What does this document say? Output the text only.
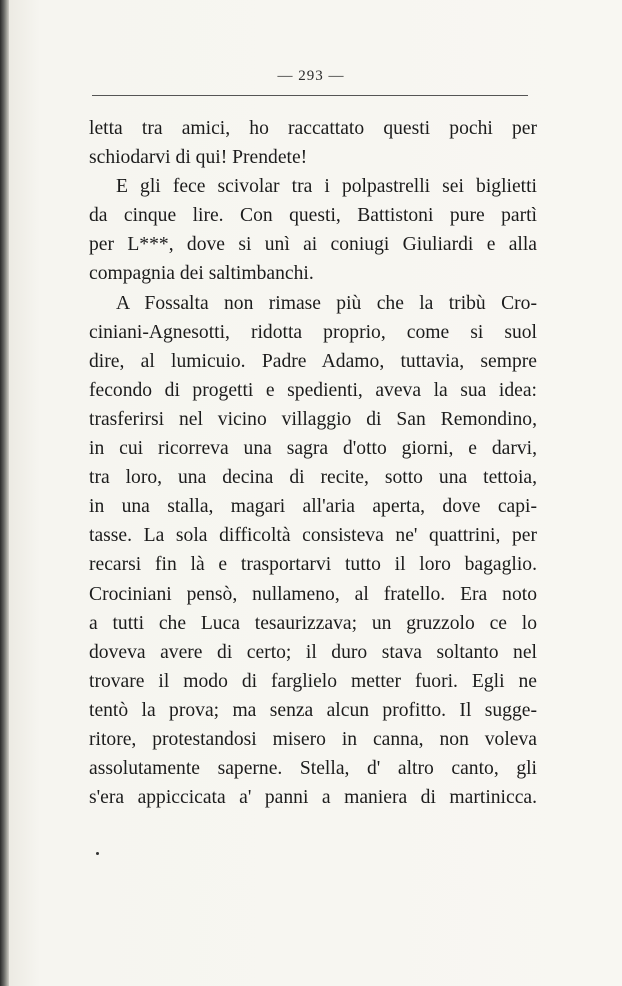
— 293 —
letta tra amici, ho raccattato questi pochi per
schiodarvi di qui! Prendete!
E gli fece scivolar tra i polpastrelli sei biglietti
da cinque lire. Con questi, Battistoni pure partì
per L***, dove si unì ai coniugi Giuliardi e alla
compagnia dei saltimbanchi.
A Fossalta non rimase più che la tribù Cro-
ciniani-Agnesotti, ridotta proprio, come si suol
dire, al lumicuio. Padre Adamo, tuttavia, sempre
fecondo di progetti e spedienti, aveva la sua idea:
trasferirsi nel vicino villaggio di San Remondino,
in cui ricorreva una sagra d'otto giorni, e darvi,
tra loro, una decina di recite, sotto una tettoia,
in una stalla, magari all'aria aperta, dove capi-
tasse. La sola difficoltà consisteva ne' quattrini, per
recarsi fin là e trasportarvi tutto il loro bagaglio.
Crociniani pensò, nullameno, al fratello. Era noto
a tutti che Luca tesaurizzava; un gruzzolo ce lo
doveva avere di certo; il duro stava soltanto nel
trovare il modo di farglielo metter fuori. Egli ne
tentò la prova; ma senza alcun profitto. Il sugge-
ritore, protestandosi misero in canna, non voleva
assolutamente saperne. Stella, d' altro canto, gli
s'era appiccicata a' panni a maniera di martinicca.
